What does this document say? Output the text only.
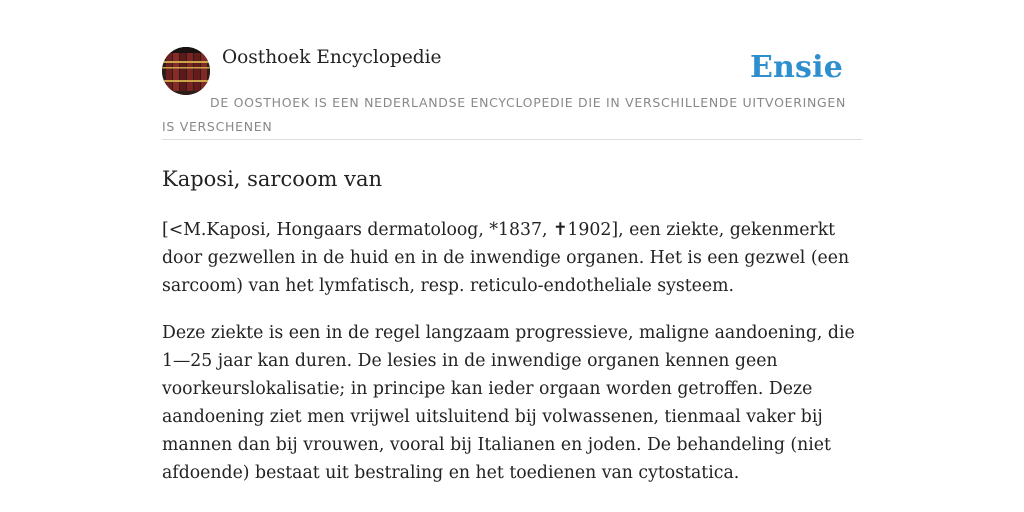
Oosthoek Encyclopedie	Ensie
DE OOSTHOEK IS EEN NEDERLANDSE ENCYCLOPEDIE DIE IN VERSCHILLENDE UITVOERINGEN IS VERSCHENEN
Kaposi, sarcoom van

[<M.Kaposi, Hongaars dermatoloog, *1837, ✝1902], een ziekte, gekenmerkt door gezwellen in de huid en in de inwendige organen. Het is een gezwel (een sarcoom) van het lymfatisch, resp. reticulo-endotheliale systeem.

Deze ziekte is een in de regel langzaam progressieve, maligne aandoening, die 1—25 jaar kan duren. De lesies in de inwendige organen kennen geen voorkeurslokalisatie; in principe kan ieder orgaan worden getroffen. Deze aandoening ziet men vrijwel uitsluitend bij volwassenen, tienmaal vaker bij mannen dan bij vrouwen, vooral bij Italianen en joden. De behandeling (niet afdoende) bestaat uit bestraling en het toedienen van cytostatica.
